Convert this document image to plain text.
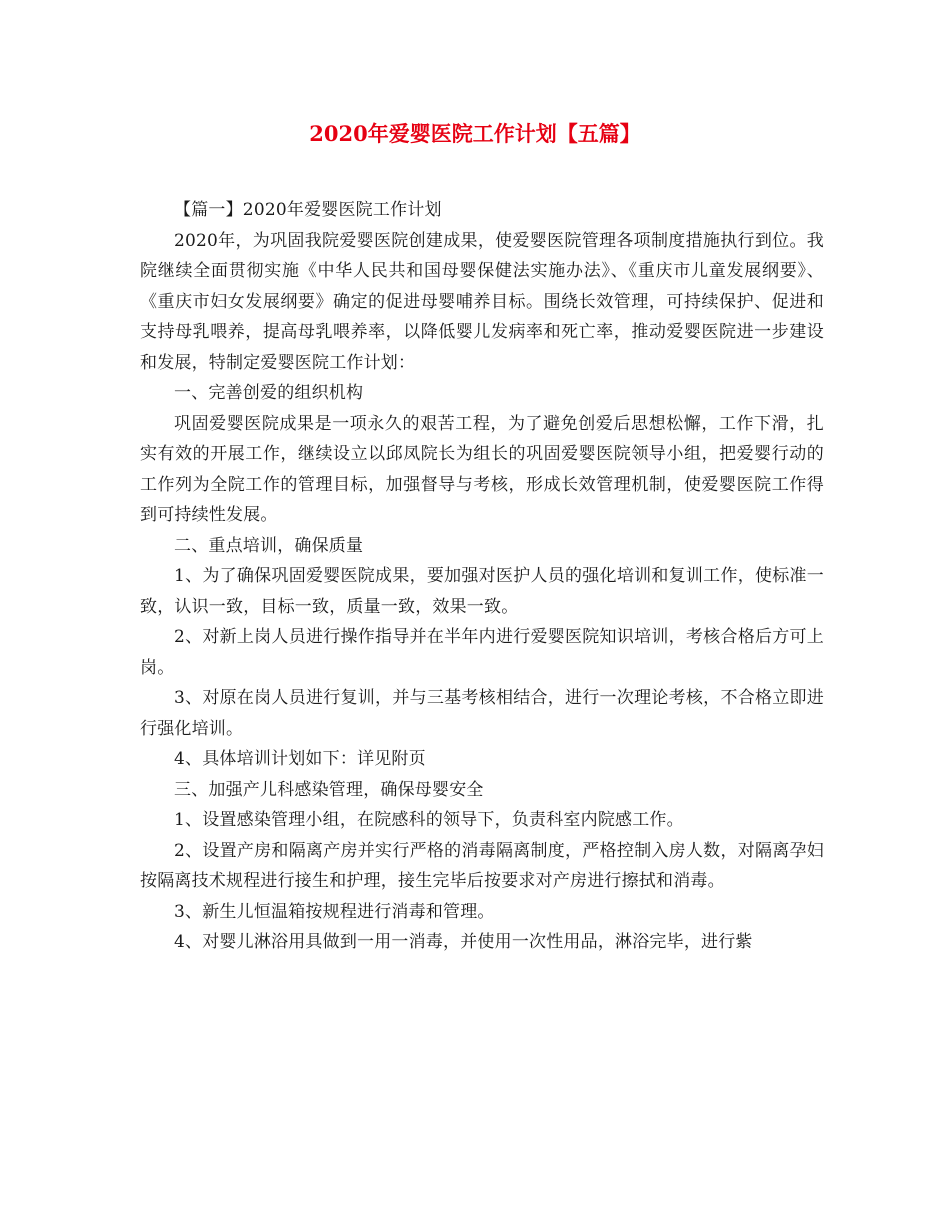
2020年爱婴医院工作计划【五篇】

【篇一】2020年爱婴医院工作计划

2020年，为巩固我院爱婴医院创建成果，使爱婴医院管理各项制度措施执行到位。我院继续全面贯彻实施《中华人民共和国母婴保健法实施办法》、《重庆市儿童发展纲要》、《重庆市妇女发展纲要》确定的促进母婴哺养目标。围绕长效管理，可持续保护、促进和支持母乳喂养，提高母乳喂养率，以降低婴儿发病率和死亡率，推动爱婴医院进一步建设和发展，特制定爱婴医院工作计划：

一、完善创爱的组织机构

巩固爱婴医院成果是一项永久的艰苦工程，为了避免创爱后思想松懈，工作下滑，扎实有效的开展工作，继续设立以邱凤院长为组长的巩固爱婴医院领导小组，把爱婴行动的工作列为全院工作的管理目标，加强督导与考核，形成长效管理机制，使爱婴医院工作得到可持续性发展。

二、重点培训，确保质量

1、为了确保巩固爱婴医院成果，要加强对医护人员的强化培训和复训工作，使标准一致，认识一致，目标一致，质量一致，效果一致。

2、对新上岗人员进行操作指导并在半年内进行爱婴医院知识培训，考核合格后方可上岗。

3、对原在岗人员进行复训，并与三基考核相结合，进行一次理论考核，不合格立即进行强化培训。

4、具体培训计划如下：详见附页

三、加强产儿科感染管理，确保母婴安全

1、设置感染管理小组，在院感科的领导下，负责科室内院感工作。

2、设置产房和隔离产房并实行严格的消毒隔离制度，严格控制入房人数，对隔离孕妇按隔离技术规程进行接生和护理，接生完毕后按要求对产房进行擦拭和消毒。

3、新生儿恒温箱按规程进行消毒和管理。

4、对婴儿淋浴用具做到一用一消毒，并使用一次性用品，淋浴完毕，进行紫
